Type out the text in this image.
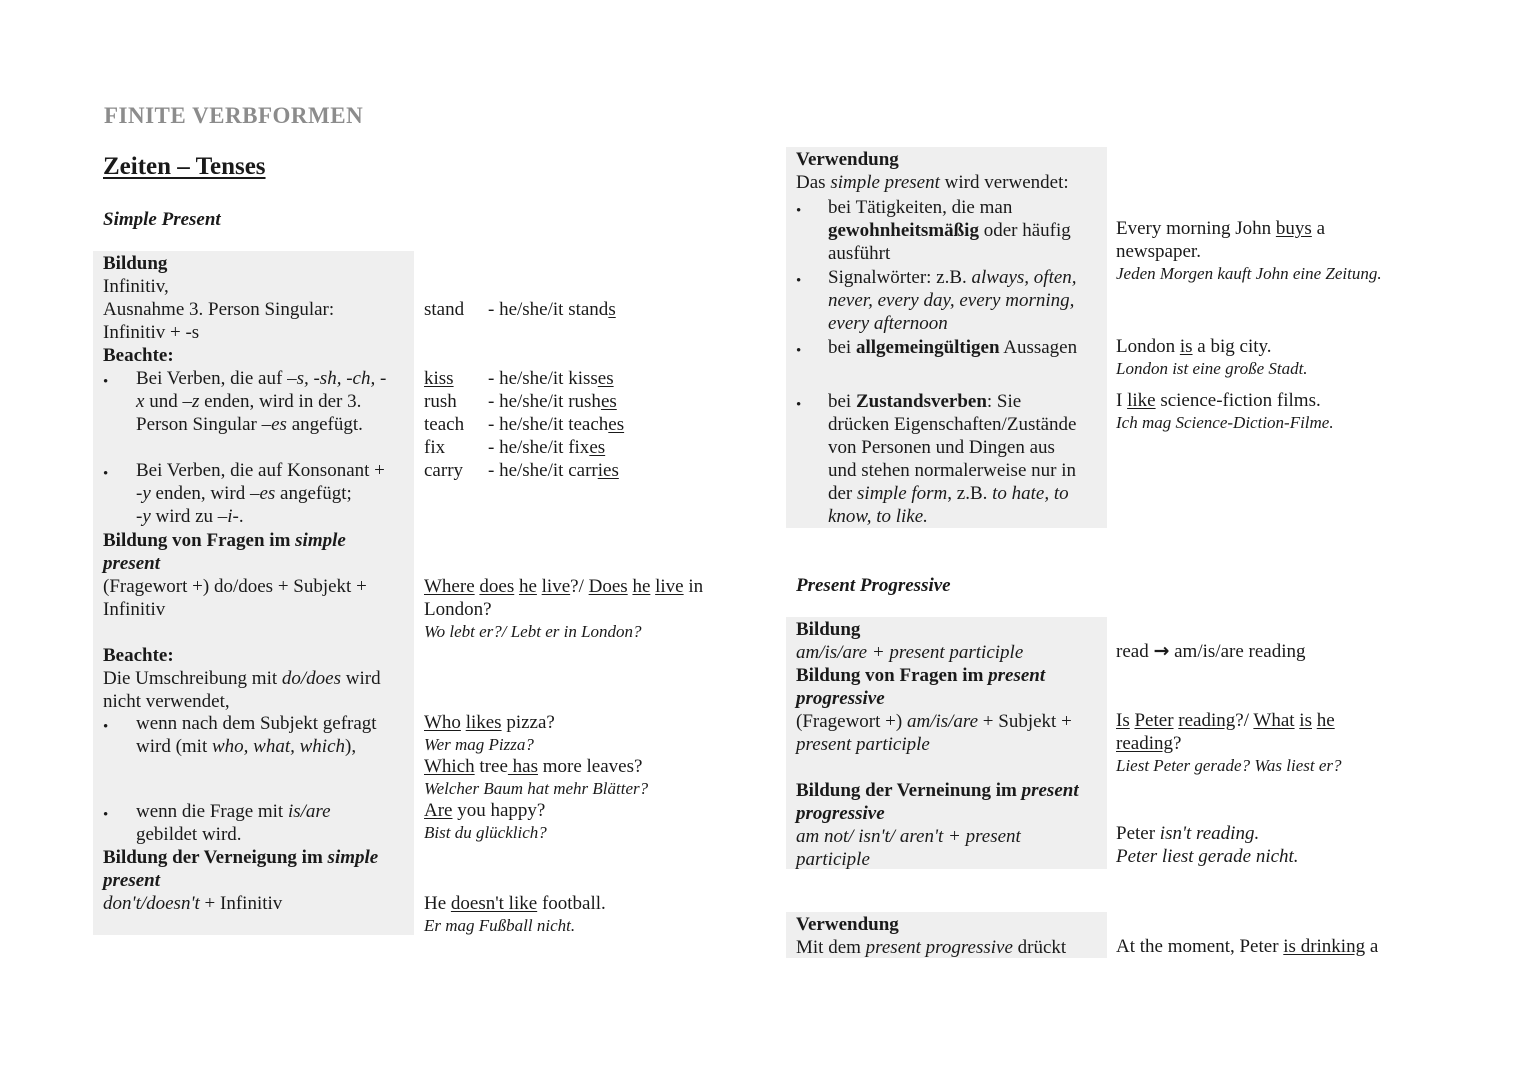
FINITE VERBFORMEN
Zeiten – Tenses
Simple Present
Bildung
Infinitiv,
Ausnahme 3. Person Singular:
Infinitiv + -s
Beachte:
• Bei Verben, die auf –s, -sh, -ch, -
x und –z enden, wird in der 3.
Person Singular –es angefügt.
• Bei Verben, die auf Konsonant +
-y enden, wird –es angefügt;
-y wird zu –i-.
Bildung von Fragen im simple
present
(Fragewort +) do/does + Subjekt +
Infinitiv

Beachte:
Die Umschreibung mit do/does wird
nicht verwendet,
• wenn nach dem Subjekt gefragt
wird (mit who, what, which),
• wenn die Frage mit is/are
gebildet wird.
Bildung der Verneigung im simple
present
don't/doesn't + Infinitiv
stand - he/she/it stands
kiss - he/she/it kisses
rush - he/she/it rushes
teach - he/she/it teaches
fix - he/she/it fixes
carry - he/she/it carries
Where does he live?/ Does he live in
London?
Wo lebt er?/ Lebt er in London?
Who likes pizza?
Wer mag Pizza?
Which tree has more leaves?
Welcher Baum hat mehr Blätter?
Are you happy?
Bist du glücklich?
He doesn't like football.
Er mag Fußball nicht.
Verwendung
Das simple present wird verwendet:
• bei Tätigkeiten, die man
gewohnheitsmäßig oder häufig
ausführt
• Signalwörter: z.B. always, often,
never, every day, every morning,
every afternoon
• bei allgemeingültigen Aussagen
• bei Zustandsverben: Sie
drücken Eigenschaften/Zustände
von Personen und Dingen aus
und stehen normalerweise nur in
der simple form, z.B. to hate, to
know, to like.
Present Progressive
Bildung
am/is/are + present participle
Bildung von Fragen im present
progressive
(Fragewort +) am/is/are + Subjekt +
present participle

Bildung der Verneinung im present
progressive
am not/ isn't/ aren't + present
participle
Verwendung
Mit dem present progressive drückt
Every morning John buys a
newspaper.
Jeden Morgen kauft John eine Zeitung.
London is a big city.
London ist eine große Stadt.
I like science-fiction films.
Ich mag Science-Diction-Filme.
read → am/is/are reading
Is Peter reading?/ What is he
reading?
Liest Peter gerade? Was liest er?
Peter isn't reading.
Peter liest gerade nicht.
At the moment, Peter is drinking a
